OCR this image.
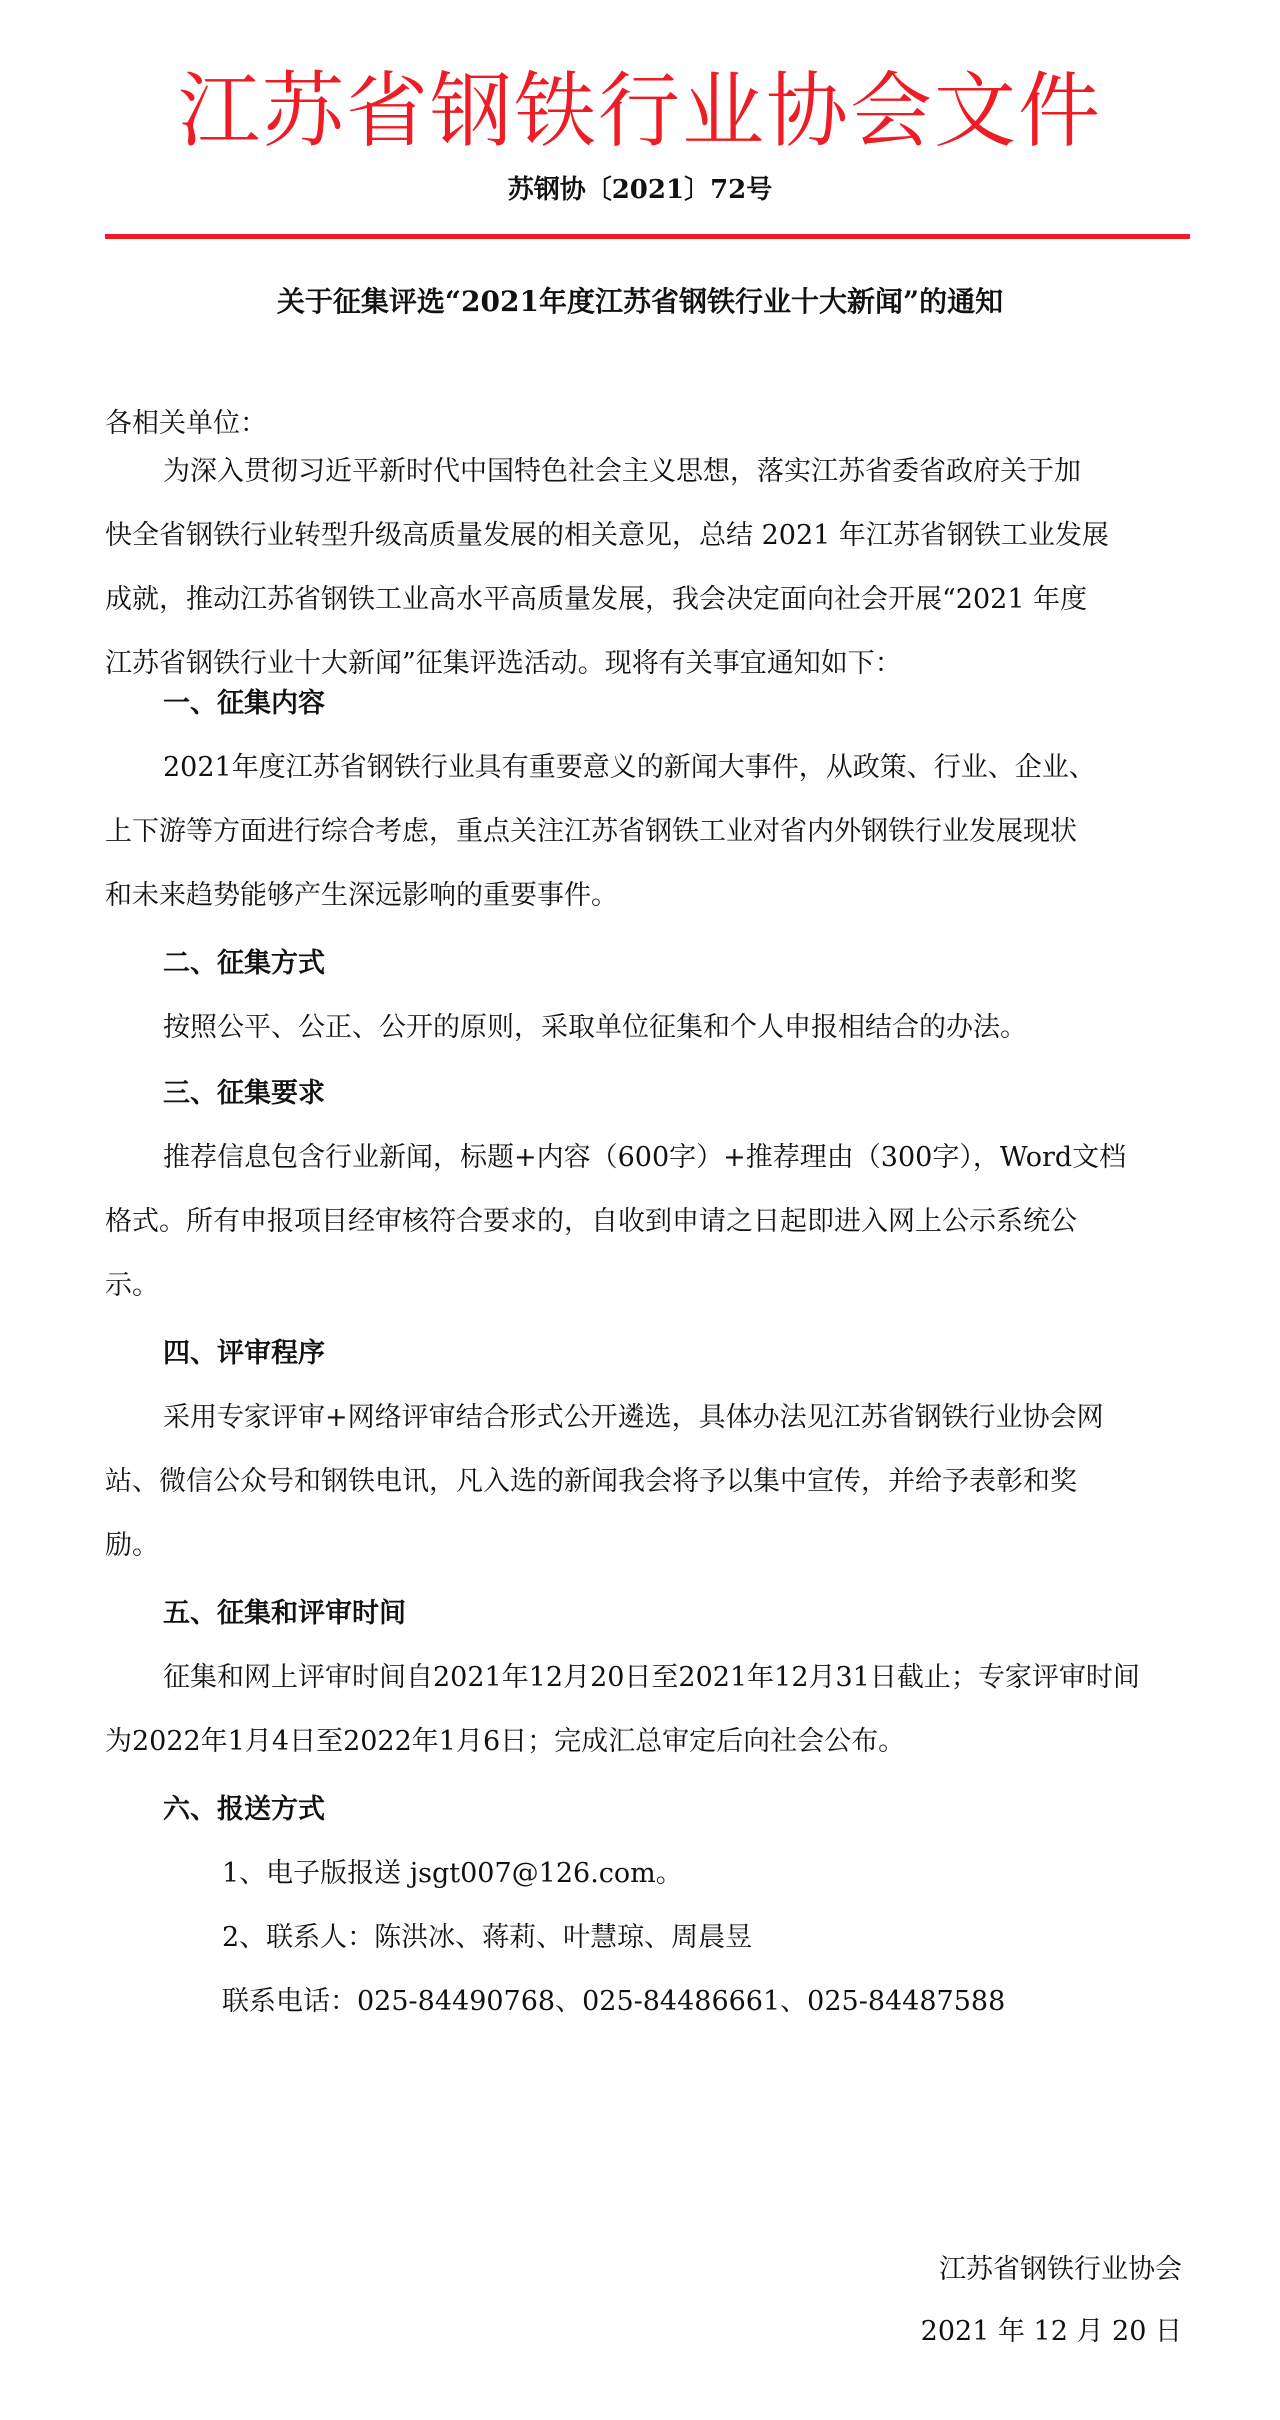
江苏省钢铁行业协会文件
苏钢协〔2021〕72号
关于征集评选“2021年度江苏省钢铁行业十大新闻”的通知
各相关单位：
为深入贯彻习近平新时代中国特色社会主义思想，落实江苏省委省政府关于加
快全省钢铁行业转型升级高质量发展的相关意见，总结 2021 年江苏省钢铁工业发展
成就，推动江苏省钢铁工业高水平高质量发展，我会决定面向社会开展“2021 年度
江苏省钢铁行业十大新闻”征集评选活动。现将有关事宜通知如下：
一、征集内容
2021年度江苏省钢铁行业具有重要意义的新闻大事件，从政策、行业、企业、
上下游等方面进行综合考虑，重点关注江苏省钢铁工业对省内外钢铁行业发展现状
和未来趋势能够产生深远影响的重要事件。
二、征集方式
按照公平、公正、公开的原则，采取单位征集和个人申报相结合的办法。
三、征集要求
推荐信息包含行业新闻，标题+内容（600字）+推荐理由（300字），Word文档
格式。所有申报项目经审核符合要求的，自收到申请之日起即进入网上公示系统公
示。
四、评审程序
采用专家评审+网络评审结合形式公开遴选，具体办法见江苏省钢铁行业协会网
站、微信公众号和钢铁电讯，凡入选的新闻我会将予以集中宣传，并给予表彰和奖
励。
五、征集和评审时间
征集和网上评审时间自2021年12月20日至2021年12月31日截止；专家评审时间
为2022年1月4日至2022年1月6日；完成汇总审定后向社会公布。
六、报送方式
1、电子版报送 jsgt007@126.com。
2、联系人：陈洪冰、蒋莉、叶慧琼、周晨昱
联系电话：025-84490768、025-84486661、025-84487588
江苏省钢铁行业协会
2021 年 12 月 20 日
